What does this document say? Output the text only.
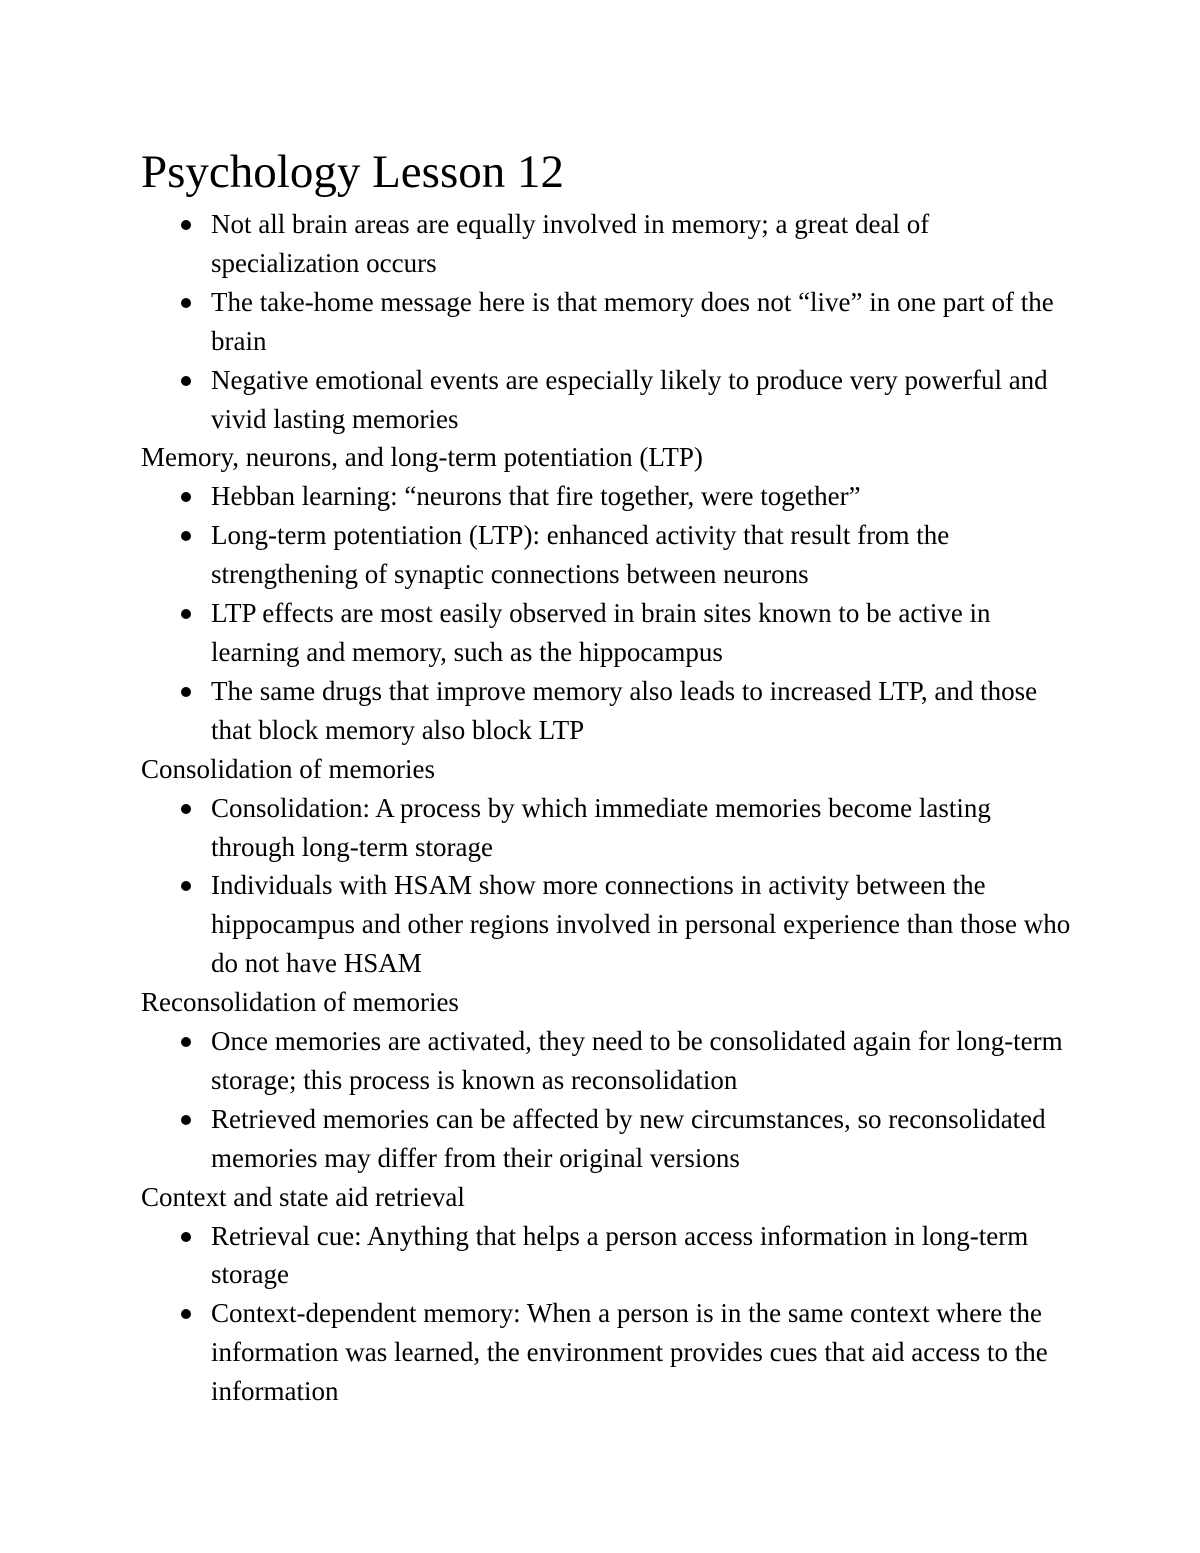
Psychology Lesson 12
Not all brain areas are equally involved in memory; a great deal of specialization occurs
The take-home message here is that memory does not “live” in one part of the brain
Negative emotional events are especially likely to produce very powerful and vivid lasting memories
Memory, neurons, and long-term potentiation (LTP)
Hebban learning: “neurons that fire together, were together”
Long-term potentiation (LTP): enhanced activity that result from the strengthening of synaptic connections between neurons
LTP effects are most easily observed in brain sites known to be active in learning and memory, such as the hippocampus
The same drugs that improve memory also leads to increased LTP, and those that block memory also block LTP
Consolidation of memories
Consolidation: A process by which immediate memories become lasting through long-term storage
Individuals with HSAM show more connections in activity between the hippocampus and other regions involved in personal experience than those who do not have HSAM
Reconsolidation of memories
Once memories are activated, they need to be consolidated again for long-term storage; this process is known as reconsolidation
Retrieved memories can be affected by new circumstances, so reconsolidated memories may differ from their original versions
Context and state aid retrieval
Retrieval cue: Anything that helps a person access information in long-term storage
Context-dependent memory: When a person is in the same context where the information was learned, the environment provides cues that aid access to the information
